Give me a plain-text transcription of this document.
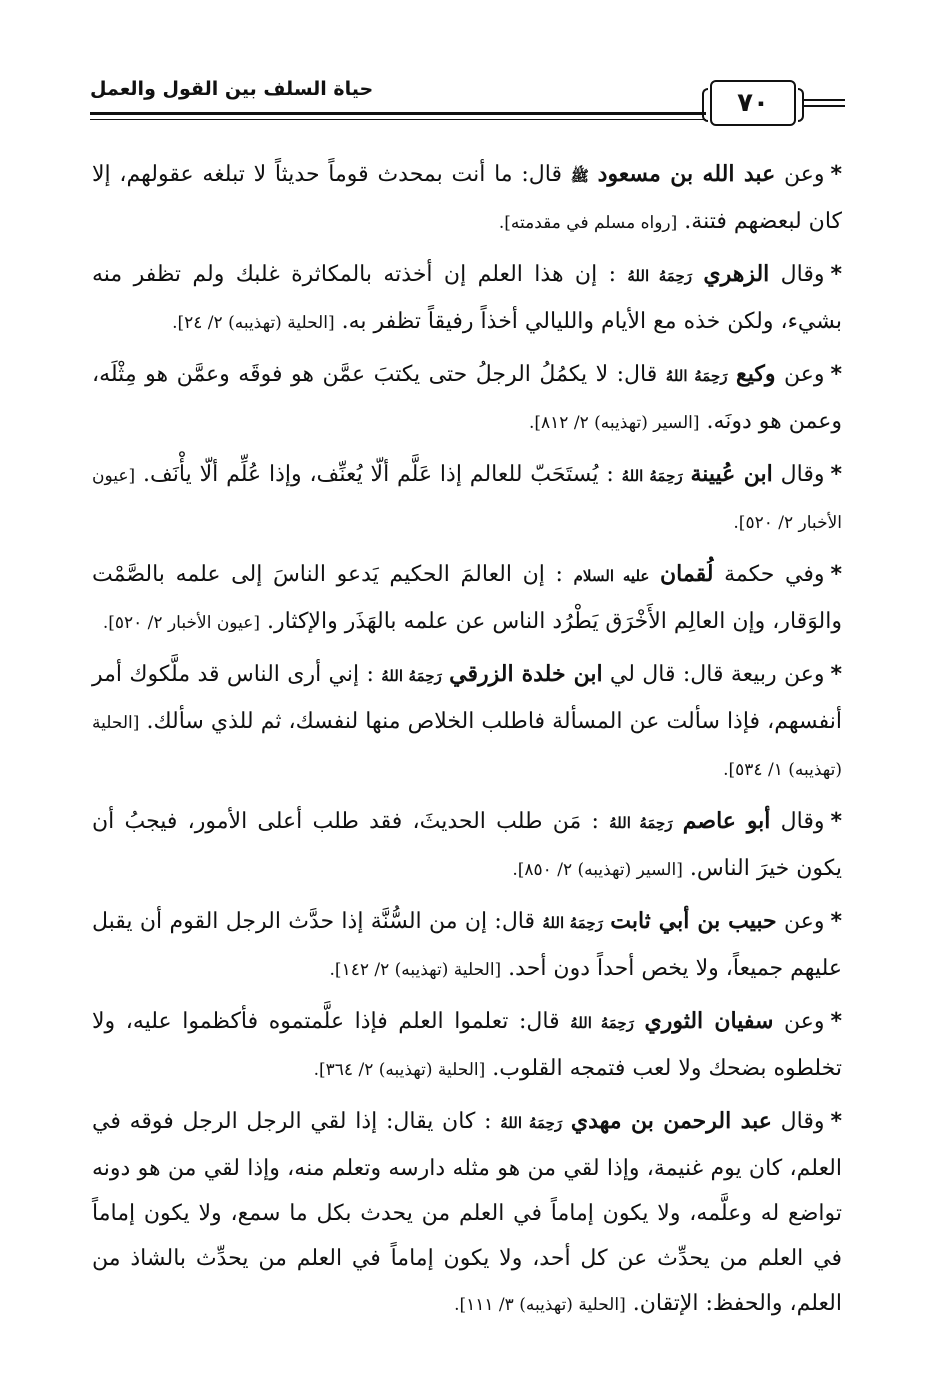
حياة السلف بين القول والعمل	٧٠

*وعن عبد الله بن مسعود ﷺ قال: ما أنت بمحدث قوماً حديثاً لا تبلغه عقولهم، إلا كان لبعضهم فتنة. [رواه مسلم في مقدمته].

*وقال الزهري رَحِمَهُ اللهُ : إن هذا العلم إن أخذته بالمكاثرة غلبك ولم تظفر منه بشيء، ولكن خذه مع الأيام والليالي أخذاً رفيقاً تظفر به. [الحلية (تهذيبه) ٢/ ٢٤].

*وعن وكيع رَحِمَهُ اللهُ قال: لا يكمُلُ الرجلُ حتى يكتبَ عمَّن هو فوقَه وعمَّن هو مِثْلَه، وعمن هو دونَه. [السير (تهذيبه) ٢/ ٨١٢].

*وقال ابن عُيينة رَحِمَهُ اللهُ : يُستَحَبّ للعالم إذا عَلَّم ألّا يُعنِّف، وإذا عُلِّم ألّا يأْنَف. [عيون الأخبار ٢/ ٥٢٠].

*وفي حكمة لُقمان عليه السلام : إن العالمَ الحكيم يَدعو الناسَ إلى علمه بالصَّمْت والوَقار، وإن العالِم الأَخْرَق يَطْرُد الناس عن علمه بالهَذَر والإكثار. [عيون الأخبار ٢/ ٥٢٠].

*وعن ربيعة قال: قال لي ابن خلدة الزرقي رَحِمَهُ اللهُ : إني أرى الناس قد ملَّكوك أمر أنفسهم، فإذا سألت عن المسألة فاطلب الخلاص منها لنفسك، ثم للذي سألك. [الحلية (تهذيبه) ١/ ٥٣٤].

*وقال أبو عاصم رَحِمَهُ اللهُ : مَن طلب الحديثَ، فقد طلب أعلى الأمور، فيجبُ أن يكون خيرَ الناس. [السير (تهذيبه) ٢/ ٨٥٠].

*وعن حبيب بن أبي ثابت رَحِمَهُ اللهُ قال: إن من السُّنَّة إذا حدَّث الرجل القوم أن يقبل عليهم جميعاً، ولا يخص أحداً دون أحد. [الحلية (تهذيبه) ٢/ ١٤٢].

*وعن سفيان الثوري رَحِمَهُ اللهُ قال: تعلموا العلم فإذا علَّمتموه فأكظموا عليه، ولا تخلطوه بضحك ولا لعب فتمجه القلوب. [الحلية (تهذيبه) ٢/ ٣٦٤].

*وقال عبد الرحمن بن مهدي رَحِمَهُ اللهُ : كان يقال: إذا لقي الرجل الرجل فوقه في العلم، كان يوم غنيمة، وإذا لقي من هو مثله دارسه وتعلم منه، وإذا لقي من هو دونه تواضع له وعلَّمه، ولا يكون إماماً في العلم من يحدث بكل ما سمع، ولا يكون إماماً في العلم من يحدِّث عن كل أحد، ولا يكون إماماً في العلم من يحدِّث بالشاذ من العلم، والحفظ: الإتقان. [الحلية (تهذيبه) ٣/ ١١١].
